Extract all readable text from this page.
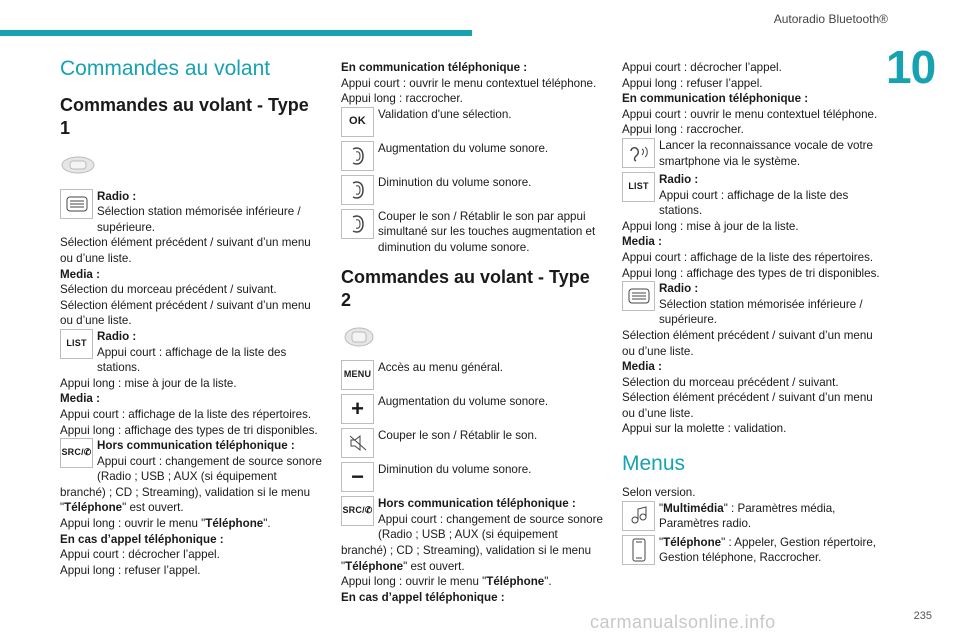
Autoradio Bluetooth®
10
Commandes au volant
Commandes au volant - Type 1

Radio :

Sélection station mémorisée inférieure / supérieure.

Sélection élément précédent / suivant d’un menu ou d’une liste.

Media :

Sélection du morceau précédent / suivant.

Sélection élément précédent / suivant d’un menu ou d’une liste.

LIST

Radio :

Appui court : affichage de la liste des stations.

Appui long : mise à jour de la liste.

Media :

Appui court : affichage de la liste des répertoires.

Appui long : affichage des types de tri disponibles.

SRC /✆

Hors communication téléphonique :

Appui court : changement de source sonore (Radio ; USB ; AUX (si équipement branché) ; CD ; Streaming), validation si le menu "Téléphone" est ouvert.

Appui long : ouvrir le menu "Téléphone".

En cas d’appel téléphonique :

Appui court : décrocher l’appel.

Appui long : refuser l’appel.

En communication téléphonique :

Appui court : ouvrir le menu contextuel téléphone.

Appui long : raccrocher.

OK

Validation d'une sélection.

Augmentation du volume sonore.

Diminution du volume sonore.

Couper le son / Rétablir le son par appui simultané sur les touches augmentation et diminution du volume sonore.

Commandes au volant - Type 2
MENU

Accès au menu général.

+	Augmentation du volume sonore.

Couper le son / Rétablir le son.

−	Diminution du volume sonore.

SRC /✆

Hors communication téléphonique :

Appui court : changement de source sonore (Radio ; USB ; AUX (si équipement branché) ; CD ; Streaming), validation si le menu "Téléphone" est ouvert.

Appui long : ouvrir le menu "Téléphone".

En cas d’appel téléphonique :

Appui court : décrocher l’appel.

Appui long : refuser l’appel.

En communication téléphonique :

Appui court : ouvrir le menu contextuel téléphone.

Appui long : raccrocher.

Lancer la reconnaissance vocale de votre smartphone via le système.

LIST

Radio :

Appui court : affichage de la liste des stations.

Appui long : mise à jour de la liste.

Media :

Appui court : affichage de la liste des répertoires.

Appui long : affichage des types de tri disponibles.

Radio :

Sélection station mémorisée inférieure / supérieure.

Sélection élément précédent / suivant d’un menu ou d’une liste.

Media :

Sélection du morceau précédent / suivant.

Sélection élément précédent / suivant d’un menu ou d’une liste.

Appui sur la molette : validation.

Menus

Selon version.

"Multimédia" : Paramètres média, Paramètres radio.

"Téléphone" : Appeler, Gestion répertoire, Gestion téléphone, Raccrocher.

carmanualsonline.info	235
